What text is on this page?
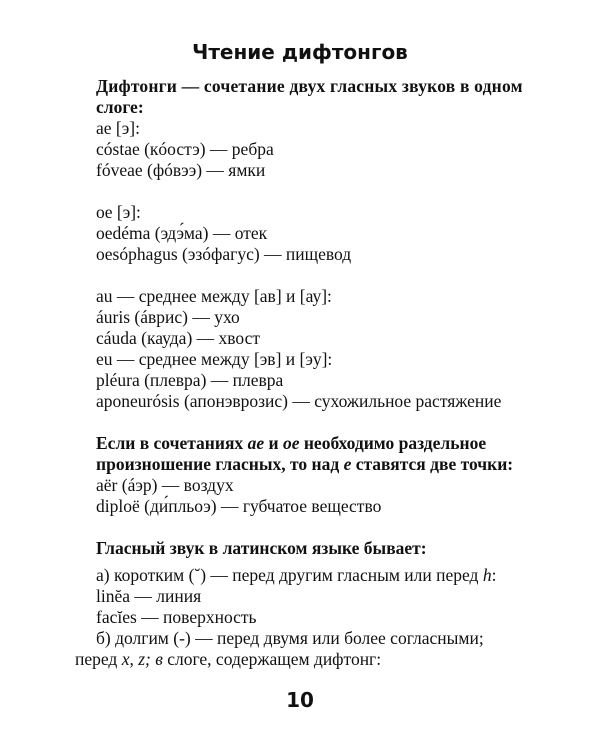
Чтение дифтонгов
Дифтонги — сочетание двух гласных звуков в одном
слоге:
ae [э]:
cóstae (кóостэ) — ребра
fóveae (фóвээ) — ямки
oe [э]:
oedéma (эдэ́ма) — отек
oesóphagus (эзóфагус) — пищевод
au — среднее между [ав] и [ау]:
áuris (áврис) — ухо
cáuda (кауда) — хвост
eu — среднее между [эв] и [эу]:
pléura (плевра) — плевра
aponeurósis (апонэврозис) — сухожильное растяжение
Если в сочетаниях ae и oe необходимо раздельное
произношение гласных, то над е ставятся две точки:
aёr (áэр) — воздух
diploё (ди́пльоэ) — губчатое вещество
Гласный звук в латинском языке бывает:
а) коротким (˘) — перед другим гласным или перед h:
linĕa — линия
facĭes — поверхность
б) долгим (-) — перед двумя или более согласными;
перед x, z; в слоге, содержащем дифтонг:
10
